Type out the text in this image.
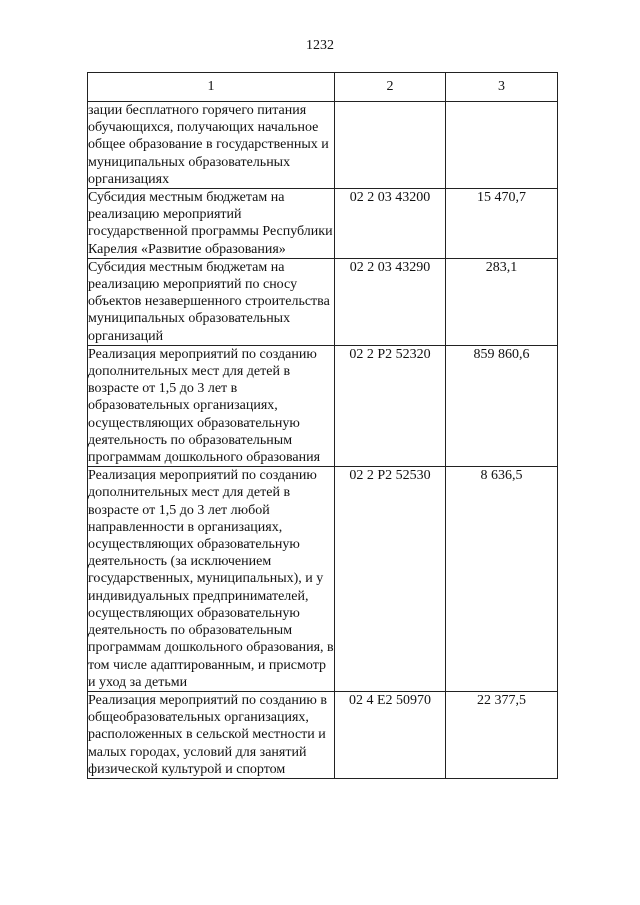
1232
1	2	3
зации бесплатного горячего питания обучающихся, получающих начальное общее образование в государственных и муниципальных образовательных организациях		
Субсидия местным бюджетам на реализацию мероприятий государственной программы Республики Карелия «Развитие образования»	02 2 03 43200	15 470,7
Субсидия местным бюджетам на реализацию мероприятий по сносу объектов незавершенного строительства муниципальных образовательных организаций	02 2 03 43290	283,1
Реализация мероприятий по созданию дополнительных мест для детей в возрасте от 1,5 до 3 лет в образовательных организациях, осуществляющих образовательную деятельность по образовательным программам дошкольного образования	02 2 P2 52320	859 860,6
Реализация мероприятий по созданию дополнительных мест для детей в возрасте от 1,5 до 3 лет любой направленности в организациях, осуществляющих образовательную деятельность (за исключением государственных, муниципальных), и у индивидуальных предпринимателей, осуществляющих образовательную деятельность по образовательным программам дошкольного образования, в том числе адаптированным, и присмотр и уход за детьми	02 2 P2 52530	8 636,5
Реализация мероприятий по созданию в общеобразовательных организациях, расположенных в сельской местности и малых городах, условий для занятий физической культурой и спортом	02 4 E2 50970	22 377,5
